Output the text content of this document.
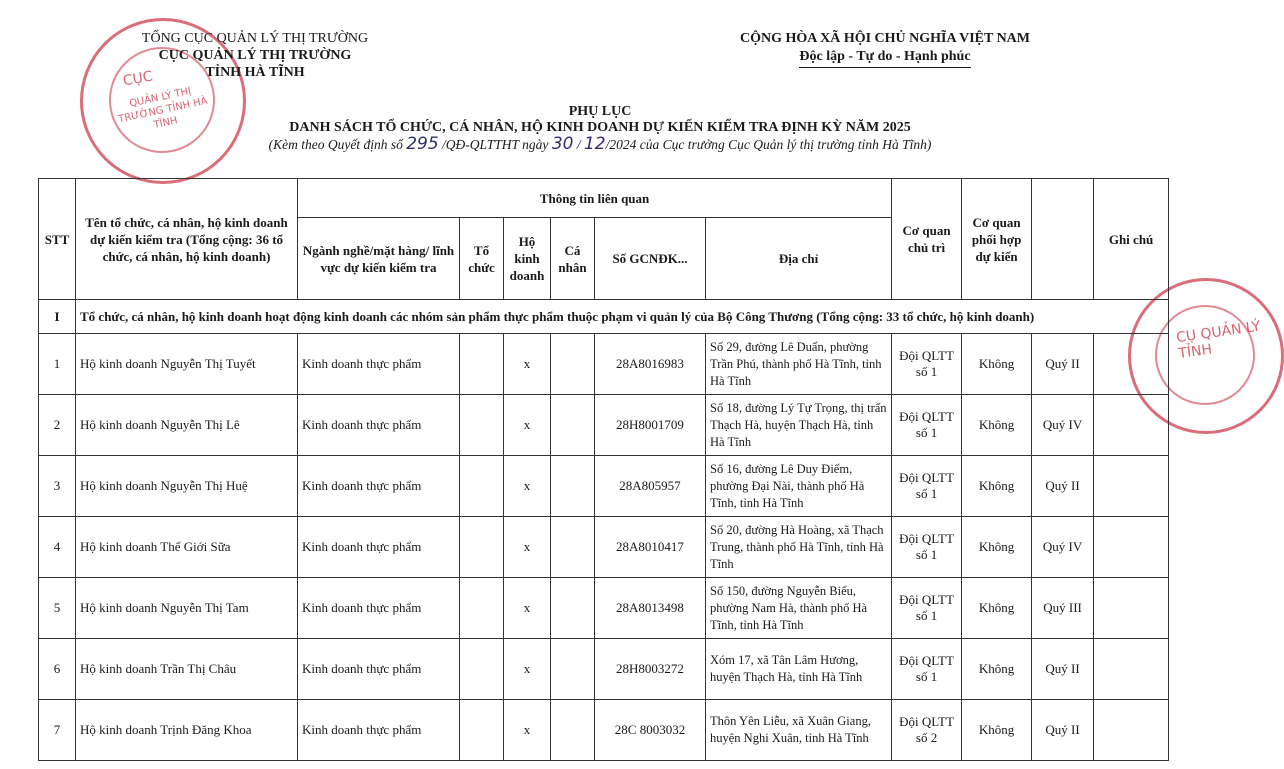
CỤC
QUẢN LÝ THỊ TRƯỜNG TỈNH HÀ TĨNH
CỤ QUẢN LÝ TỈNH
TỔNG CỤC QUẢN LÝ THỊ TRƯỜNG
CỤC QUẢN LÝ THỊ TRƯỜNG
TỈNH HÀ TĨNH
CỘNG HÒA XÃ HỘI CHỦ NGHĨA VIỆT NAM
Độc lập - Tự do - Hạnh phúc
PHỤ LỤC
DANH SÁCH TỔ CHỨC, CÁ NHÂN, HỘ KINH DOANH DỰ KIẾN KIỂM TRA ĐỊNH KỲ NĂM 2025
(Kèm theo Quyết định số 295 /QĐ-QLTTHT ngày 30 / 12/2024 của Cục trưởng Cục Quản lý thị trường tỉnh Hà Tĩnh)
STT	Tên tổ chức, cá nhân, hộ kinh doanh dự kiến kiểm tra (Tổng cộng: 36 tổ chức, cá nhân, hộ kinh doanh)	Thông tin liên quan						Cơ quan chủ trì	Cơ quan phối hợp dự kiến		Ghi chú
		Ngành nghề/mặt hàng/ lĩnh vực dự kiến kiểm tra	Tổ chức	Hộ kinh doanh	Cá nhân	Số GCNĐK...	Địa chỉ				
I	Tổ chức, cá nhân, hộ kinh doanh hoạt động kinh doanh các nhóm sản phẩm thực phẩm thuộc phạm vi quản lý của Bộ Công Thương (Tổng cộng: 33 tổ chức, hộ kinh doanh)										
1	Hộ kinh doanh Nguyễn Thị Tuyết	Kinh doanh thực phẩm		x		28A8016983	Số 29, đường Lê Duẩn, phường Trần Phú, thành phố Hà Tĩnh, tỉnh Hà Tĩnh	Đội QLTT số 1	Không	Quý II	
2	Hộ kinh doanh Nguyễn Thị Lê	Kinh doanh thực phẩm		x		28H8001709	Số 18, đường Lý Tự Trọng, thị trấn Thạch Hà, huyện Thạch Hà, tỉnh Hà Tĩnh	Đội QLTT số 1	Không	Quý IV	
3	Hộ kinh doanh Nguyễn Thị Huệ	Kinh doanh thực phẩm		x		28A805957	Số 16, đường Lê Duy Điếm, phường Đại Nài, thành phố Hà Tĩnh, tỉnh Hà Tĩnh	Đội QLTT số 1	Không	Quý II	
4	Hộ kinh doanh Thế Giới Sữa	Kinh doanh thực phẩm		x		28A8010417	Số 20, đường Hà Hoàng, xã Thạch Trung, thành phố Hà Tĩnh, tỉnh Hà Tĩnh	Đội QLTT số 1	Không	Quý IV	
5	Hộ kinh doanh Nguyễn Thị Tam	Kinh doanh thực phẩm		x		28A8013498	Số 150, đường Nguyễn Biểu, phường Nam Hà, thành phố Hà Tĩnh, tỉnh Hà Tĩnh	Đội QLTT số 1	Không	Quý III	
6	Hộ kinh doanh Trần Thị Châu	Kinh doanh thực phẩm		x		28H8003272	Xóm 17, xã Tân Lâm Hương, huyện Thạch Hà, tỉnh Hà Tĩnh	Đội QLTT số 1	Không	Quý II	
7	Hộ kinh doanh Trịnh Đăng Khoa	Kinh doanh thực phẩm		x		28C 8003032	Thôn Yên Liễu, xã Xuân Giang, huyện Nghi Xuân, tỉnh Hà Tĩnh	Đội QLTT số 2	Không	Quý II	
